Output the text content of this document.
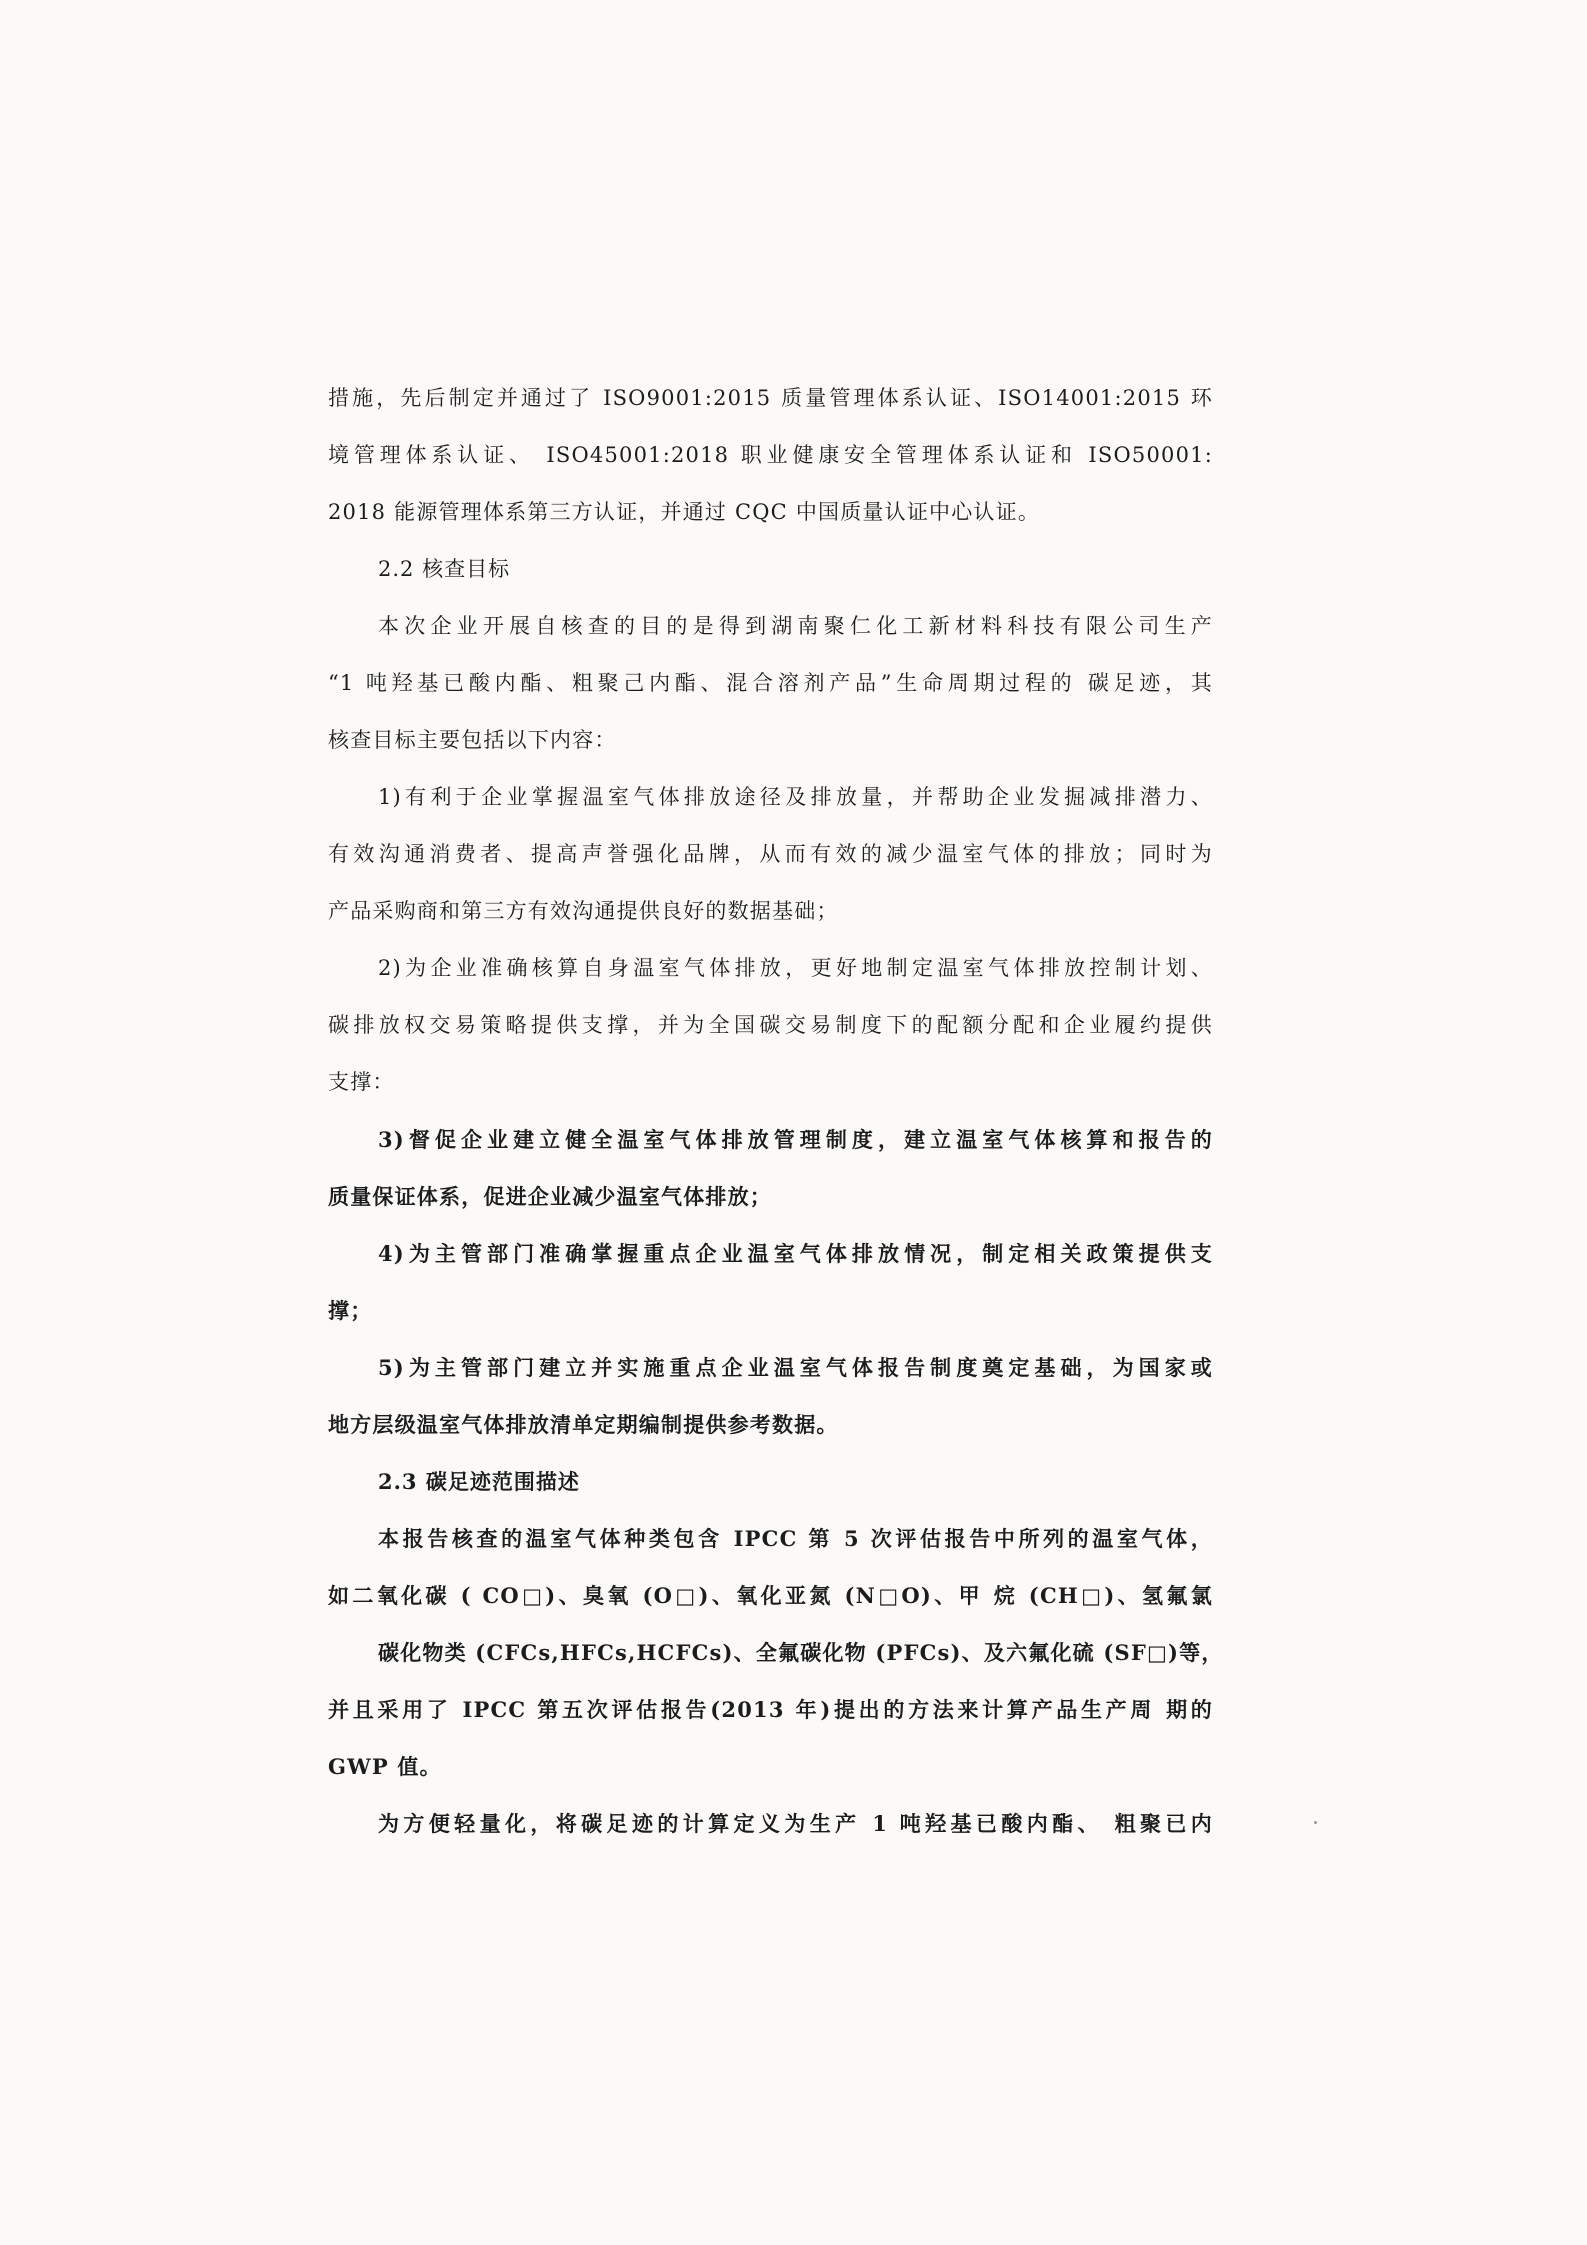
措施，先后制定并通过了 ISO9001:2015 质量管理体系认证、ISO14001:2015 环
境管理体系认证、 ISO45001:2018 职业健康安全管理体系认证和 ISO50001:
2018 能源管理体系第三方认证，并通过 CQC 中国质量认证中心认证。
2.2 核查目标
本次企业开展自核查的目的是得到湖南聚仁化工新材料科技有限公司生产
“1 吨羟基已酸内酯、粗聚己内酯、混合溶剂产品”生命周期过程的 碳足迹，其
核查目标主要包括以下内容：
1)有利于企业掌握温室气体排放途径及排放量，并帮助企业发掘减排潜力、
有效沟通消费者、提高声誉强化品牌，从而有效的减少温室气体的排放；同时为
产品采购商和第三方有效沟通提供良好的数据基础；
2)为企业准确核算自身温室气体排放，更好地制定温室气体排放控制计划、
碳排放权交易策略提供支撑，并为全国碳交易制度下的配额分配和企业履约提供
支撑：
3)督促企业建立健全温室气体排放管理制度，建立温室气体核算和报告的
质量保证体系，促进企业减少温室气体排放；
4)为主管部门准确掌握重点企业温室气体排放情况，制定相关政策提供支
撑；
5)为主管部门建立并实施重点企业温室气体报告制度奠定基础，为国家或
地方层级温室气体排放清单定期编制提供参考数据。
2.3 碳足迹范围描述
本报告核查的温室气体种类包含 IPCC 第 5 次评估报告中所列的温室气体，
如二氧化碳 ( CO□)、臭氧 (O□)、氧化亚氮 (N□O)、甲 烷 (CH□)、氢氟氯
碳化物类 (CFCs,HFCs,HCFCs)、全氟碳化物 (PFCs)、及六氟化硫 (SF□)等，
并且采用了 IPCC 第五次评估报告(2013 年)提出的方法来计算产品生产周 期的
GWP 值。
为方便轻量化，将碳足迹的计算定义为生产 1 吨羟基已酸内酯、 粗聚已内
